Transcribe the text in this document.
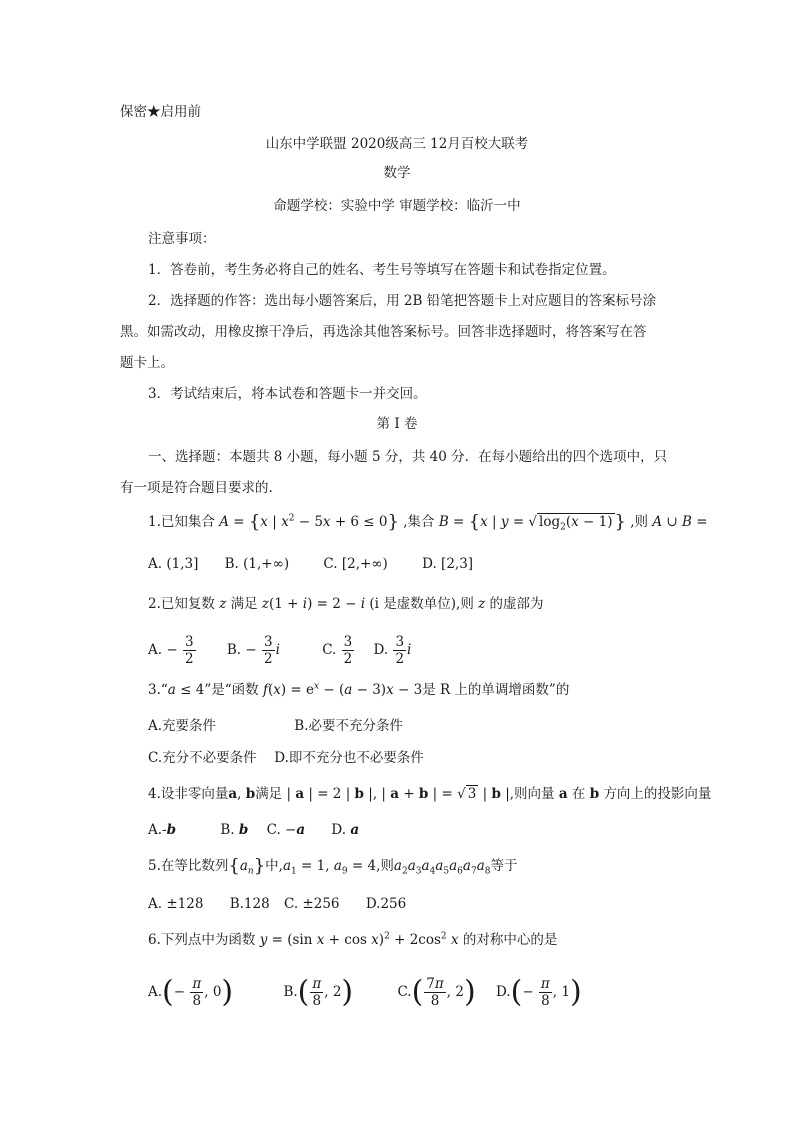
保密★启用前
山东中学联盟 2020级高三 12月百校大联考
数学
命题学校：实验中学 审题学校：临沂一中
注意事项：
1．答卷前，考生务必将自己的姓名、考生号等填写在答题卡和试卷指定位置。
2．选择题的作答：选出每小题答案后，用 2B 铅笔把答题卡上对应题目的答案标号涂
黑。如需改动，用橡皮擦干净后，再选涂其他答案标号。回答非选择题时，将答案写在答
题卡上。
3．考试结束后，将本试卷和答题卡一并交回。
第 I 卷
一、选择题：本题共 8 小题，每小题 5 分，共 40 分．在每小题给出的四个选项中，只
有一项是符合题目要求的.
1.已知集合 A = {x | $x^2 - 5x + 6 \le 0$} ,集合 B = {x | y = √ $\log_2(x - 1)$ } ,则 A ∪ B =
A. (1,3] B. (1,+∞)	C. [2,+∞)	D. [2,3]
2.已知复数 z 满足 z(1 + i) = 2 − i (i 是虚数单位),则 z 的虚部为
A. − $\frac{3}{2} B$. − $\frac{3}{2}$ i	C. $\frac{3}{2} D$. $\frac{3}{2}$ i
3.“a ≤ 4”是“函数 $f(x) = e^x - (a - 3)x - 3$是 R 上的单调增函数”的
A.充要条件	B.必要不充分条件
C.充分不必要条件 D.即不充分也不必要条件
4.设非零向量a, b满足 | a | = 2 | b |, | a + b | = √ 3 | b |,则向量 a 在 b 方向上的投影向量
A.-b	B. b C. −a D. a
5.在等比数列$\{a_n\}$中$,a_1 = 1$, $a_9 = 4$,则$a_2a_3a_4a_5a_6a_7a_8$等于
A. ±128 B.128 C. ±256 D.256
6.下列点中为函数 y = (sin $x + \cos x)^2 + 2\cos^2$ x 的对称中心的是
$A.(- \frac{\pi}{8}$ , 0)	$B.( \frac{\pi}{8}$ , 2)	$C.( \frac{7\pi}{8}$ , 2) $D.(- \frac{\pi}{8}$ , 1)
